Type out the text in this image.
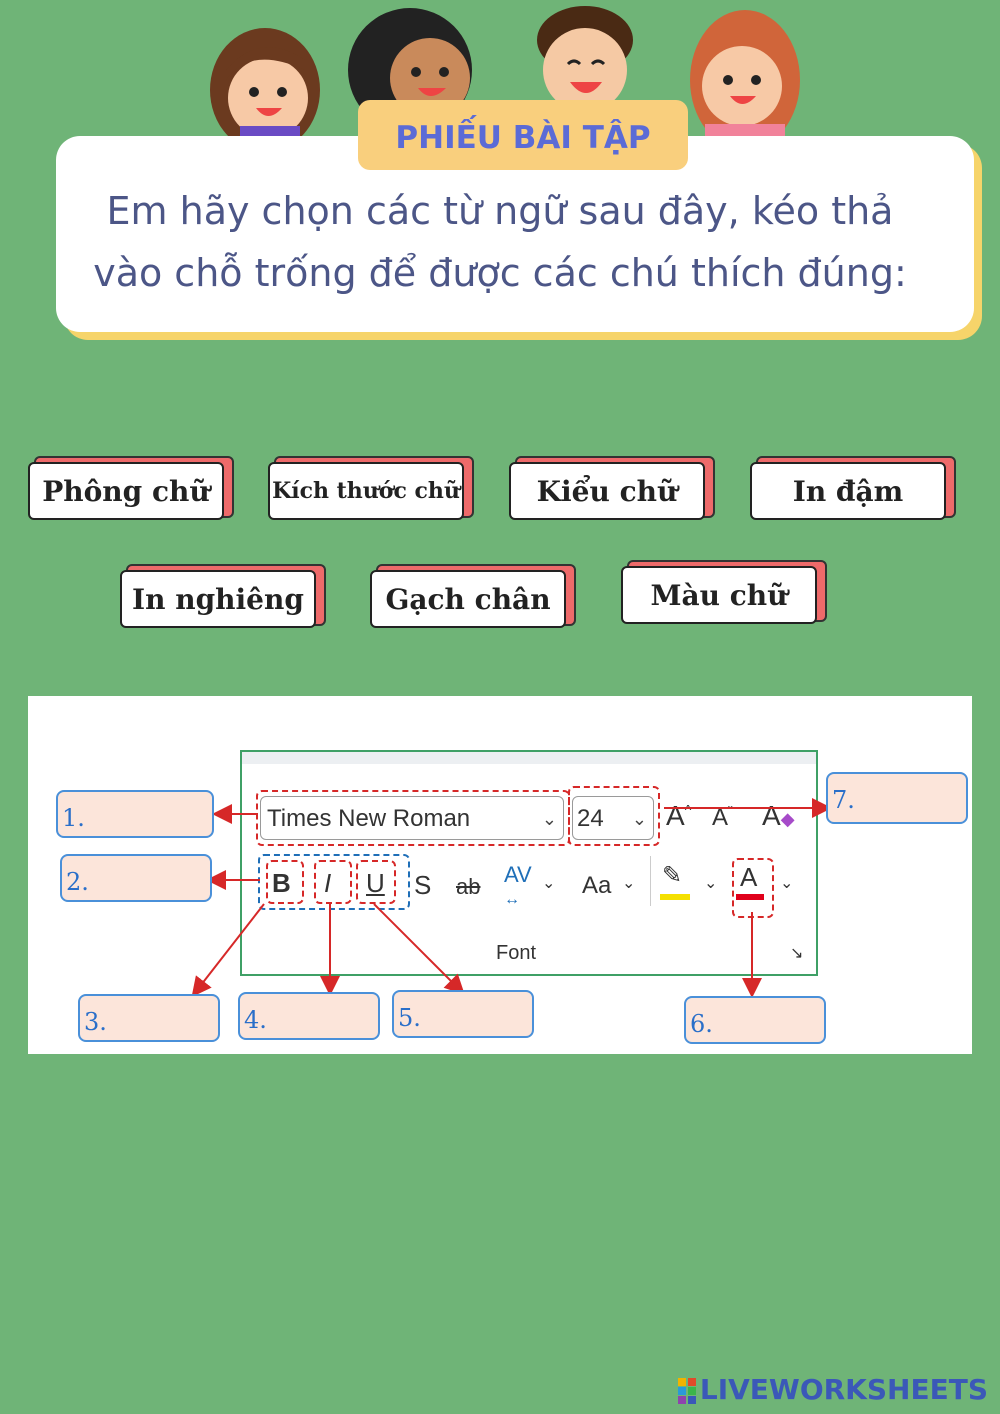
PHIẾU BÀI TẬP
Em hãy chọn các từ ngữ sau đây, kéo thả
vào chỗ trống để được các chú thích đúng:
Phông chữ	Kích thước chữ	Kiểu chữ	In đậm
In nghiêng	Gạch chân	Màu chữ
Times New Roman	⌄ 24 ⌄ A^ $A^ˇ$ A◆
B I U S ab AV
↔
⌄ Aa ⌄ ✎ ⌄ A ⌄
Font	↘
1.
2.
3.	4.	5.	6.
7.
LIVEWORKSHEETS
